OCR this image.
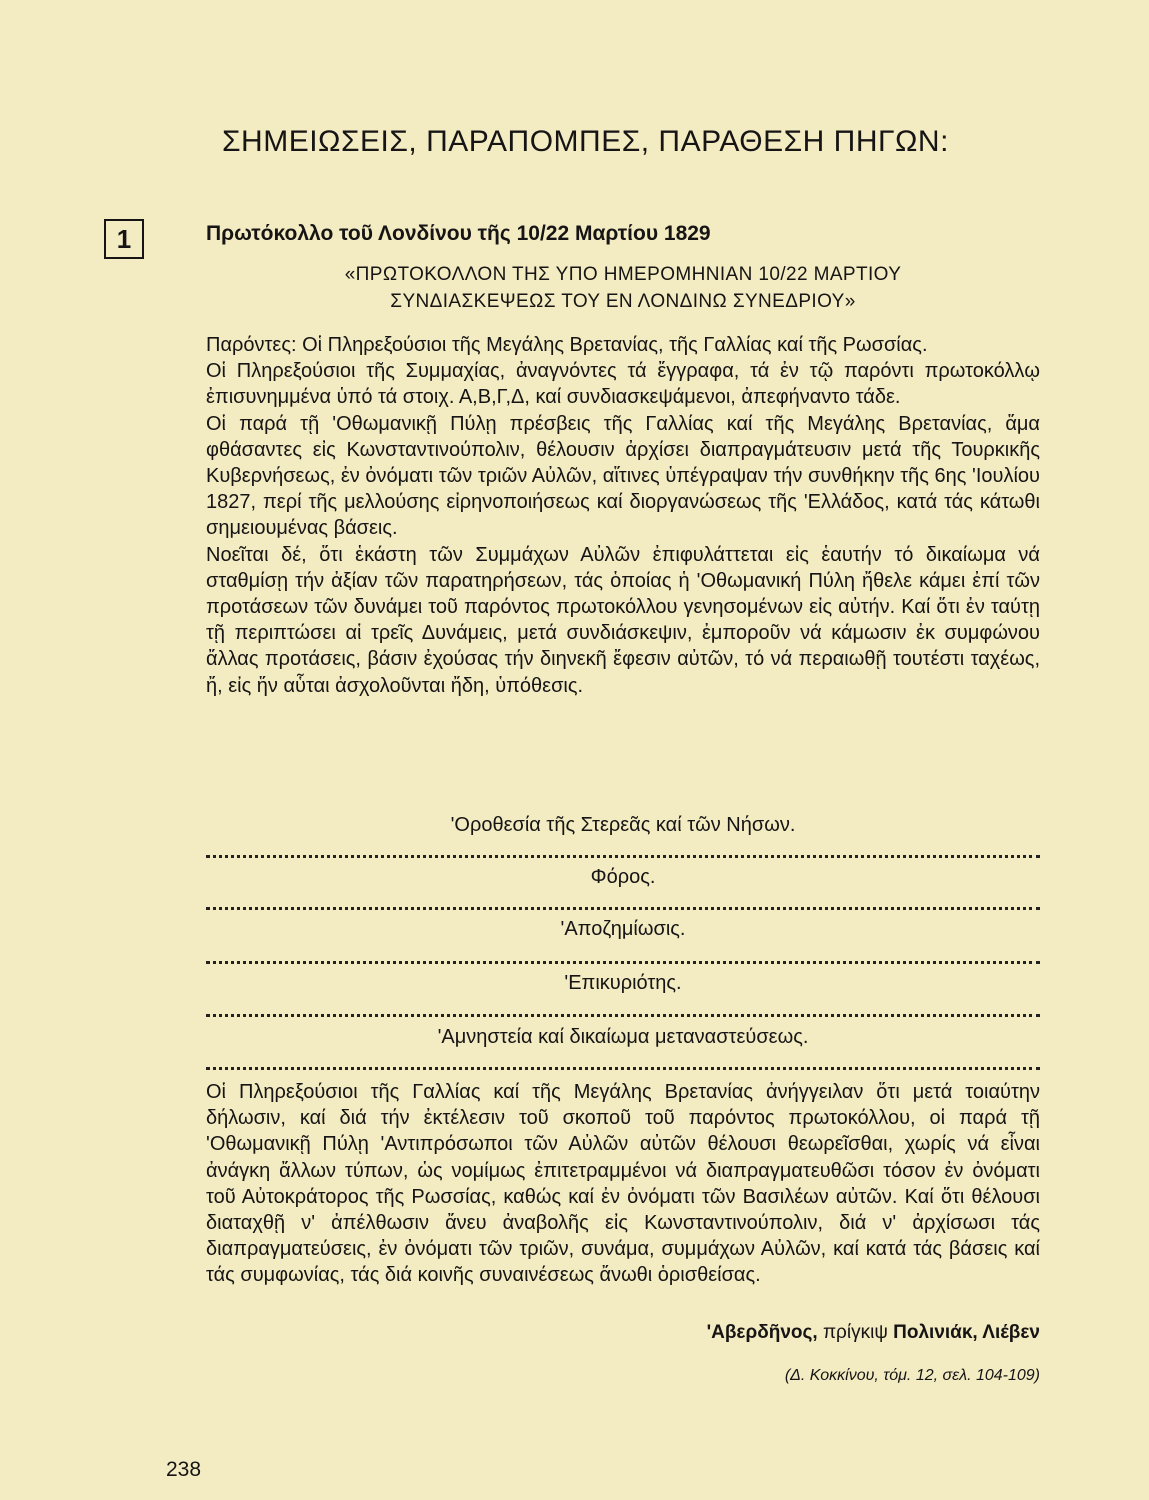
ΣΗΜΕΙΩΣΕΙΣ, ΠΑΡΑΠΟΜΠΕΣ, ΠΑΡΑΘΕΣΗ ΠΗΓΩΝ:
1	Πρωτόκολλο τοῦ Λονδίνου τῆς 10/22 Μαρτίου 1829
«ΠΡΩΤΟΚΟΛΛΟΝ ΤΗΣ ΥΠΟ ΗΜΕΡΟΜΗΝΙΑΝ 10/22 ΜΑΡΤΙΟΥ
ΣΥΝΔΙΑΣΚΕΨΕΩΣ ΤΟΥ ΕΝ ΛΟΝΔΙΝΩ ΣΥΝΕΔΡΙΟΥ»

Παρόντες: Οἱ Πληρεξούσιοι τῆς Μεγάλης Βρετανίας, τῆς Γαλλίας καί τῆς Ρωσσίας.

Οἱ Πληρεξούσιοι τῆς Συμμαχίας, ἀναγνόντες τά ἔγγραφα, τά ἐν τῷ παρόντι πρωτοκόλλῳ ἐπισυνημμένα ὑπό τά στοιχ. Α,Β,Γ,Δ, καί συνδιασκεψάμενοι, ἀπεφήναντο τάδε.

Οἱ παρά τῇ 'Οθωμανικῇ Πύλῃ πρέσβεις τῆς Γαλλίας καί τῆς Μεγάλης Βρετανίας, ἅμα φθάσαντες εἰς Κωνσταντινούπολιν, θέλουσιν ἀρχίσει διαπραγμάτευσιν μετά τῆς Τουρκικῆς Κυβερνήσεως, ἐν ὀνόματι τῶν τριῶν Αὐλῶν, αἵτινες ὑπέγραψαν τήν συνθήκην τῆς 6ης 'Ιουλίου 1827, περί τῆς μελλούσης εἰρηνοποιήσεως καί διοργανώσεως τῆς 'Ελλάδος, κατά τάς κάτωθι σημειουμένας βάσεις.

Νοεῖται δέ, ὅτι ἑκάστη τῶν Συμμάχων Αὐλῶν ἐπιφυλάττεται εἰς ἑαυτήν τό δικαίωμα νά σταθμίσῃ τήν ἀξίαν τῶν παρατηρήσεων, τάς ὁποίας ἡ 'Οθωμανική Πύλη ἤθελε κάμει ἐπί τῶν προτάσεων τῶν δυνάμει τοῦ παρόντος πρωτοκόλλου γενησομένων εἰς αὐτήν. Καί ὅτι ἐν ταύτῃ τῇ περιπτώσει αἱ τρεῖς Δυνάμεις, μετά συνδιάσκεψιν, ἐμποροῦν νά κάμωσιν ἐκ συμφώνου ἄλλας προτάσεις, βάσιν ἐχούσας τήν διηνεκῆ ἔφεσιν αὐτῶν, τό νά περαιωθῇ τουτέστι ταχέως, ἤ, εἰς ἥν αὗται ἀσχολοῦνται ἤδη, ὑπόθεσις.

'Οροθεσία τῆς Στερεᾶς καί τῶν Νήσων.
Φόρος.
'Αποζημίωσις.
'Επικυριότης.
'Αμνηστεία καί δικαίωμα μεταναστεύσεως.

Οἱ Πληρεξούσιοι τῆς Γαλλίας καί τῆς Μεγάλης Βρετανίας ἀνήγγειλαν ὅτι μετά τοιαύτην δήλωσιν, καί διά τήν ἐκτέλεσιν τοῦ σκοποῦ τοῦ παρόντος πρωτοκόλλου, οἱ παρά τῇ 'Οθωμανικῇ Πύλῃ 'Αντιπρόσωποι τῶν Αὐλῶν αὐτῶν θέλουσι θεωρεῖσθαι, χωρίς νά εἶναι ἀνάγκη ἄλλων τύπων, ὡς νομίμως ἐπιτετραμμένοι νά διαπραγματευθῶσι τόσον ἐν ὀνόματι τοῦ Αὐτοκράτορος τῆς Ρωσσίας, καθώς καί ἐν ὀνόματι τῶν Βασιλέων αὐτῶν. Καί ὅτι θέλουσι διαταχθῇ ν' ἀπέλθωσιν ἄνευ ἀναβολῆς εἰς Κωνσταντινούπολιν, διά ν' ἀρχίσωσι τάς διαπραγματεύσεις, ἐν ὀνόματι τῶν τριῶν, συνάμα, συμμάχων Αὐλῶν, καί κατά τάς βάσεις καί τάς συμφωνίας, τάς διά κοινῆς συναινέσεως ἄνωθι ὁρισθείσας.

'Αβερδῆνος, πρίγκιψ Πολινιάκ, Λιέβεν
(Δ. Κοκκίνου, τόμ. 12, σελ. 104-109)
238
